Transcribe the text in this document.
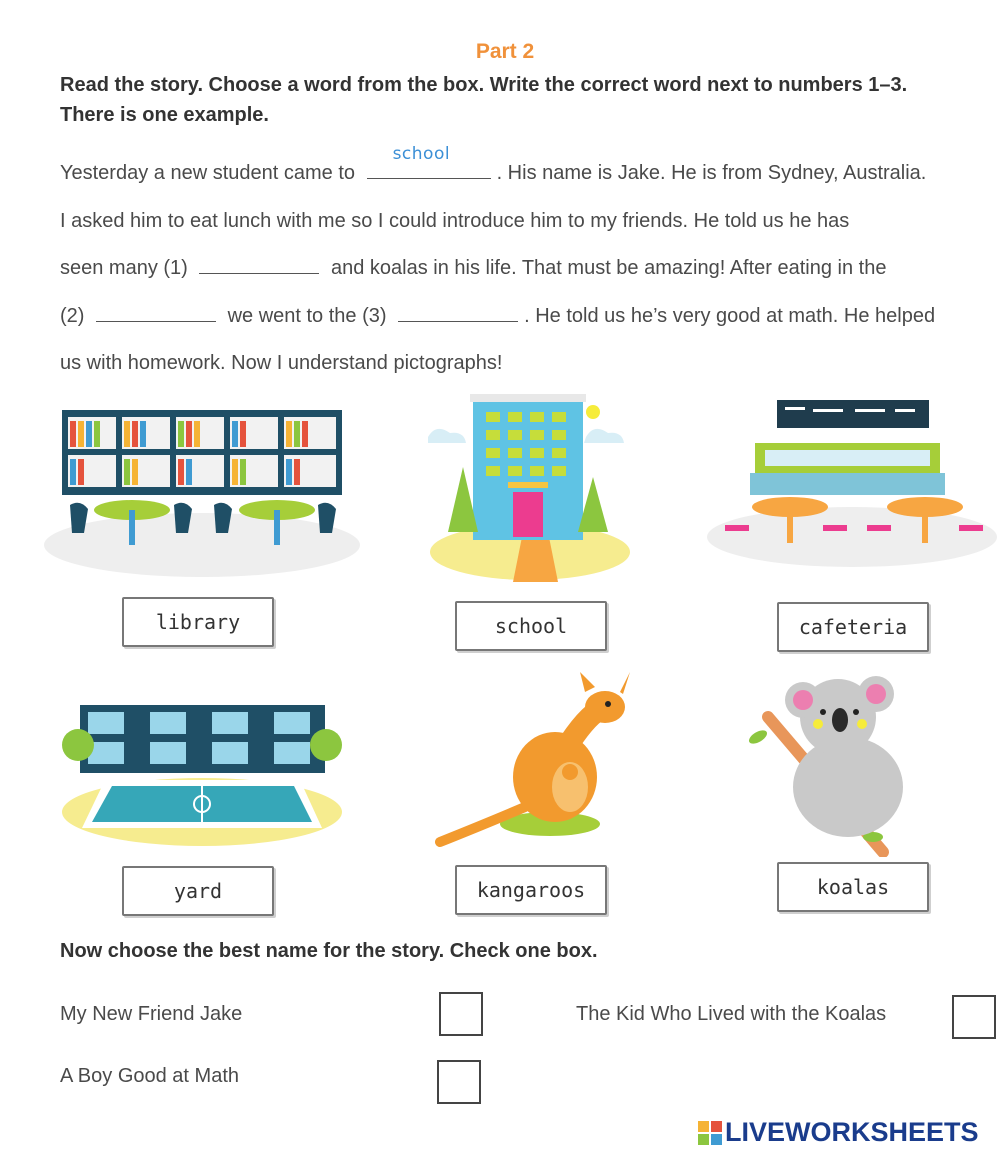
Part 2
Read the story. Choose a word from the box. Write the correct word next to numbers 1–3. There is one example.
Yesterday a new student came to
school
. His name is Jake. He is from Sydney, Australia.
I asked him to eat lunch with me so I could introduce him to my friends. He told us he has
seen many (1)	and koalas in his life. That must be amazing! After eating in the
(2)	we went to the (3)	. He told us he’s very good at math. He helped
us with homework. Now I understand pictographs!
library	school	cafeteria
yard	kangaroos	koalas
Now choose the best name for the story. Check one box.
My New Friend Jake	The Kid Who Lived with the Koalas
A Boy Good at Math
LIVEWORKSHEETS
